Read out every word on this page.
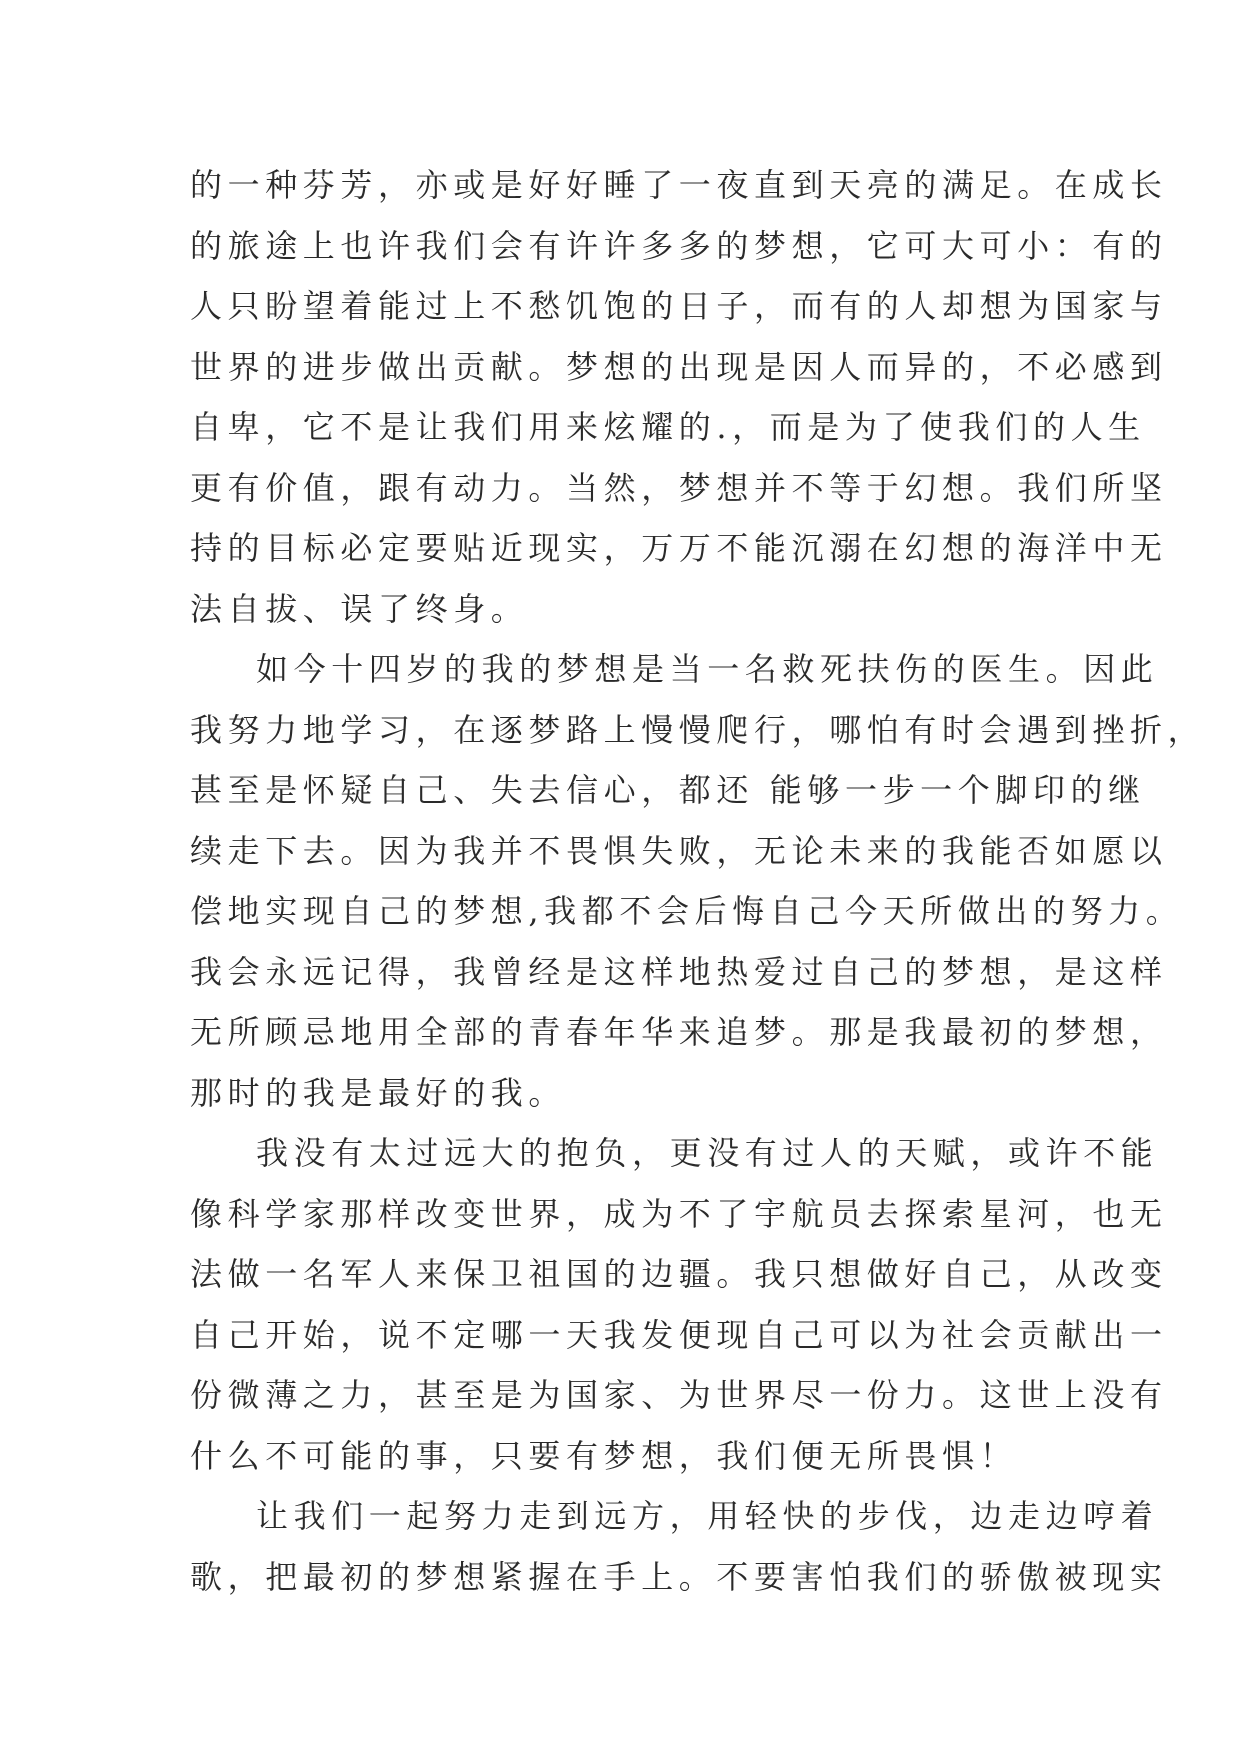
的一种芬芳，亦或是好好睡了一夜直到天亮的满足。在成长
的旅途上也许我们会有许许多多的梦想，它可大可小：有的
人只盼望着能过上不愁饥饱的日子，而有的人却想为国家与
世界的进步做出贡献。梦想的出现是因人而异的，不必感到
自卑，它不是让我们用来炫耀的.，而是为了使我们的人生
更有价值，跟有动力。当然，梦想并不等于幻想。我们所坚
持的目标必定要贴近现实，万万不能沉溺在幻想的海洋中无
法自拔、误了终身。
如今十四岁的我的梦想是当一名救死扶伤的医生。因此
我努力地学习，在逐梦路上慢慢爬行，哪怕有时会遇到挫折，
甚至是怀疑自己、失去信心，都还 能够一步一个脚印的继
续走下去。因为我并不畏惧失败，无论未来的我能否如愿以
偿地实现自己的梦想,我都不会后悔自己今天所做出的努力。
我会永远记得，我曾经是这样地热爱过自己的梦想，是这样
无所顾忌地用全部的青春年华来追梦。那是我最初的梦想，
那时的我是最好的我。
我没有太过远大的抱负，更没有过人的天赋，或许不能
像科学家那样改变世界，成为不了宇航员去探索星河，也无
法做一名军人来保卫祖国的边疆。我只想做好自己，从改变
自己开始，说不定哪一天我发便现自己可以为社会贡献出一
份微薄之力，甚至是为国家、为世界尽一份力。这世上没有
什么不可能的事，只要有梦想，我们便无所畏惧！
让我们一起努力走到远方，用轻快的步伐，边走边哼着
歌，把最初的梦想紧握在手上。不要害怕我们的骄傲被现实
